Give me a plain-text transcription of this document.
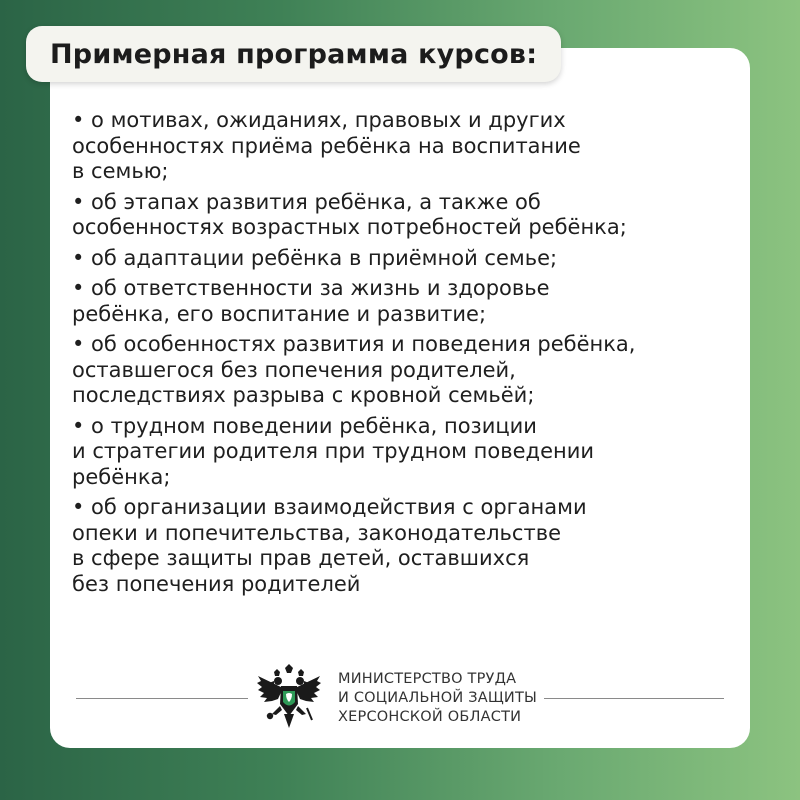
Примерная программа курсов:

• о мотивах, ожиданиях, правовых и других
особенностях приёма ребёнка на воспитание
в семью;

• об этапах развития ребёнка, а также об
особенностях возрастных потребностей ребёнка;

• об адаптации ребёнка в приёмной семье;

• об ответственности за жизнь и здоровье
ребёнка, его воспитание и развитие;

• об особенностях развития и поведения ребёнка,
оставшегося без попечения родителей,
последствиях разрыва с кровной семьёй;

• о трудном поведении ребёнка, позиции
и стратегии родителя при трудном поведении
ребёнка;

• об организации взаимодействия с органами
опеки и попечительства, законодательстве
в сфере защиты прав детей, оставшихся
без попечения родителей

МИНИСТЕРСТВО ТРУДА
И СОЦИАЛЬНОЙ ЗАЩИТЫ
ХЕРСОНСКОЙ ОБЛАСТИ
